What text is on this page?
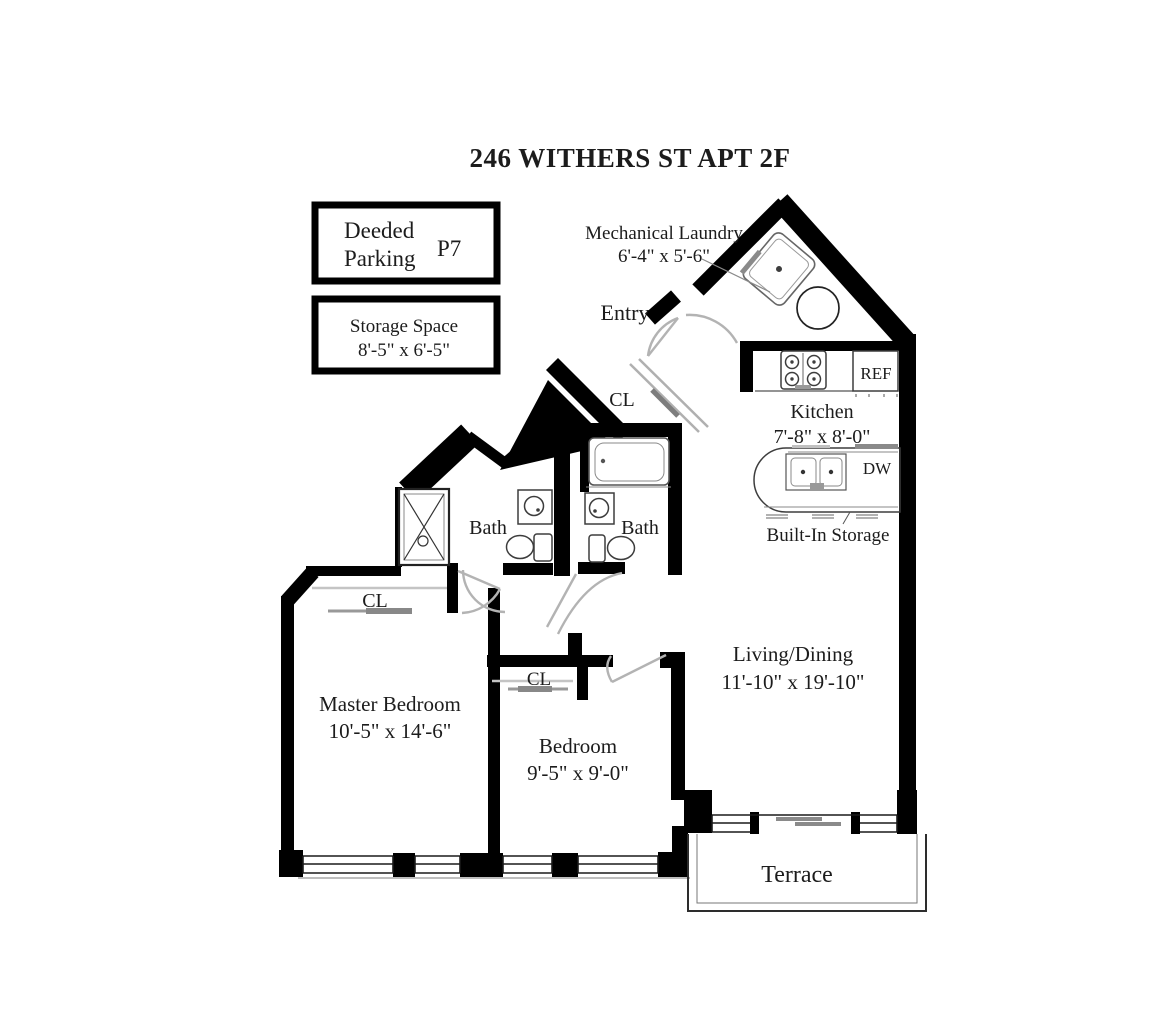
246 WITHERS ST APT 2F
Deeded
Parking P7
Storage Space
8'-5" x 6'-5"
Mechanical Laundry
6'-4" x 5'-6"
Entry
CL
Kitchen
7'-8" x 8'-0"
REF
DW
Built-In Storage
Bath	Bath
CL
Master Bedroom
10'-5" x 14'-6"
CL
Bedroom
9'-5" x 9'-0"
Living/Dining
11'-10" x 19'-10"
Terrace
